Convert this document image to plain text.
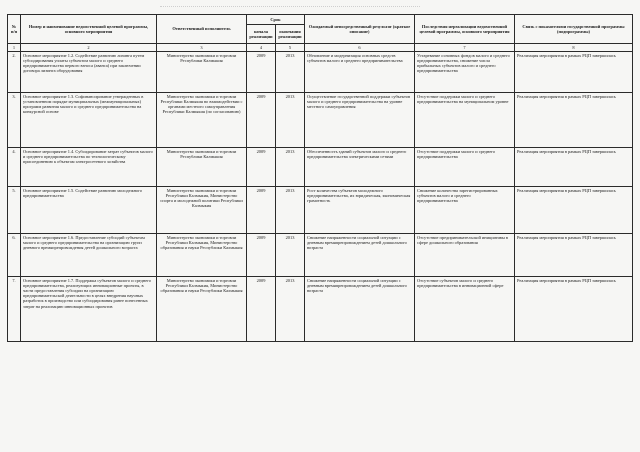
№ п/п	Номер и наименование ведомственной целевой программы, основного мероприятия	Ответственный исполнитель	Срок		Ожидаемый непосредственный результат (краткое описание)	Последствия нереализации ведомственной целевой программы, основного мероприятия	Связь с показателями государственной программы (подпрограммы)
			начала реализации	окончания реализации			
1	2	3	4	5	6	7	8
2.	Основное мероприятие 1.2. Содействие развитию лизинга путем субсидирования уплаты субъектом малого и среднего предпринимательства первого взноса (аванса) при заключении договора лизинга оборудования	Министерство экономики и торговли Республики Калмыкия	2009	2013	Обновление и модернизация основных средств субъектов малого и среднего предпринимательства	Устаревание основных фондов малого и среднего предпринимательства, снижение числа прибыльных субъектов малого и среднего предпринимательства	Реализация мероприятия в рамках РЦП завершилась
3.	Основное мероприятие 1.3. Софинансирование утвержденных в установленном порядке муниципальных (межмуниципальных) программ развития малого и среднего предпринимательства на конкурсной основе	Министерство экономики и торговли Республики Калмыкия во взаимодействии с органами местного самоуправления Республики Калмыкия (по согласованию)	2009	2013	Осуществление государственной поддержки субъектов малого и среднего предпринимательства на уровне местного самоуправления	Отсутствие поддержки малого и среднего предпринимательства на муниципальном уровне	Реализация мероприятия в рамках РЦП завершилась
4.	Основное мероприятие 1.4. Субсидирование затрат субъектов малого и среднего предпринимательства по технологическому присоединению к объектам электросетевого хозяйства	Министерство экономики и торговли Республики Калмыкия	2009	2013	Обеспеченность зданий субъектов малого и среднего предпринимательства электрическими сетями	Отсутствие поддержки малого и среднего предпринимательства	Реализация мероприятия в рамках РЦП завершилась
5.	Основное мероприятие 1.5. Содействие развитию молодежного предпринимательства	Министерство экономики и торговли Республики Калмыкия, Министерство спорта и молодежной политики Республики Калмыкия	2009	2013	Рост количества субъектов молодежного предпринимательства, их юридическая, экономическая грамотность	Снижение количества зарегистрированных субъектов малого и среднего предпринимательства	Реализация мероприятия в рамках РЦП завершилась
6.	Основное мероприятие 1.6. Предоставление субсидий субъектам малого и среднего предпринимательства на организацию групп дневного времяпрепровождения детей дошкольного возраста	Министерство экономики и торговли Республики Калмыкия, Министерство образования и науки Республики Калмыкия	2009	2013	Снижение напряженности социальной ситуации с дневным времяпрепровождением детей дошкольного возраста	Отсутствие предпринимательской инициативы в сфере дошкольного образования	Реализация мероприятия в рамках РЦП завершилась
7.	Основное мероприятие 1.7. Поддержка субъектов малого и среднего предпринимательства, реализующих инновационные проекты, в части предоставления субсидии на организацию предпринимательской деятельности в целях внедрения научных разработок в производство или субсидирования ранее понесенных затрат на реализацию инновационных проектов	Министерство экономики и торговли Республики Калмыкия, Министерство образования и науки Республики Калмыкия	2009	2013	Снижение напряженности социальной ситуации с дневным времяпрепровождением детей дошкольного возраста	Отсутствие субъектов малого и среднего предпринимательства в инновационной сфере	Реализация мероприятия в рамках РЦП завершилась
